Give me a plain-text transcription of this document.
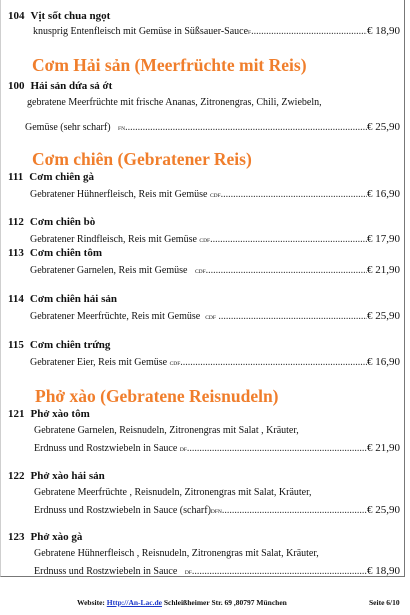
104 Vịt sốt chua ngọt
knusprig Entenfleisch mit Gemüse in Süßsauer-Sauce F .....	€ 18,90
Cơm Hải sản (Meerfrüchte mit Reis)
100 Hải sản dứa sả ớt
gebratene Meerfrüchte mit frische Ananas, Zitronengras, Chili, Zwiebeln,
Gemüse (sehr scharf)
FN .....	€ 25,90
Cơm chiên (Gebratener Reis)
111 Cơm chiên gà
Gebratener Hühnerfleisch, Reis mit Gemüse
CDF .....	€ 16,90
112 Cơm chiên bò
Gebratener Rindfleisch, Reis mit Gemüse
CDF .....	€ 17,90
113 Cơm chiên tôm
Gebratener Garnelen, Reis mit Gemüse
CDF .....	€ 21,90
114 Cơm chiên hải sản
Gebratener Meerfrüchte, Reis mit Gemüse
CDF
.....	€ 25,90
115 Cơm chiên trứng
Gebratener Eier, Reis mit Gemüse
CDF .....	€ 16,90
Phở xào (Gebratene Reisnudeln)
121 Phở xào tôm
Gebratene Garnelen, Reisnudeln, Zitronengras mit Salat , Kräuter,
Erdnuss und Rostzwiebeln in Sauce
DF .....	€ 21,90
122 Phở xào hải sản
Gebratene Meerfrüchte , Reisnudeln, Zitronengras mit Salat, Kräuter,
Erdnuss und Rostzwiebeln in Sauce (scharf) DFN .....	€ 25,90
123 Phở xào gà
Gebratene Hühnerfleisch , Reisnudeln, Zitronengras mit Salat, Kräuter,
Erdnuss und Rostzwiebeln in Sauce
DF .....	€ 18,90
Website: Http://An-Lac.de Schleißheimer Str. 69 ,80797 München	Seite 6/10
